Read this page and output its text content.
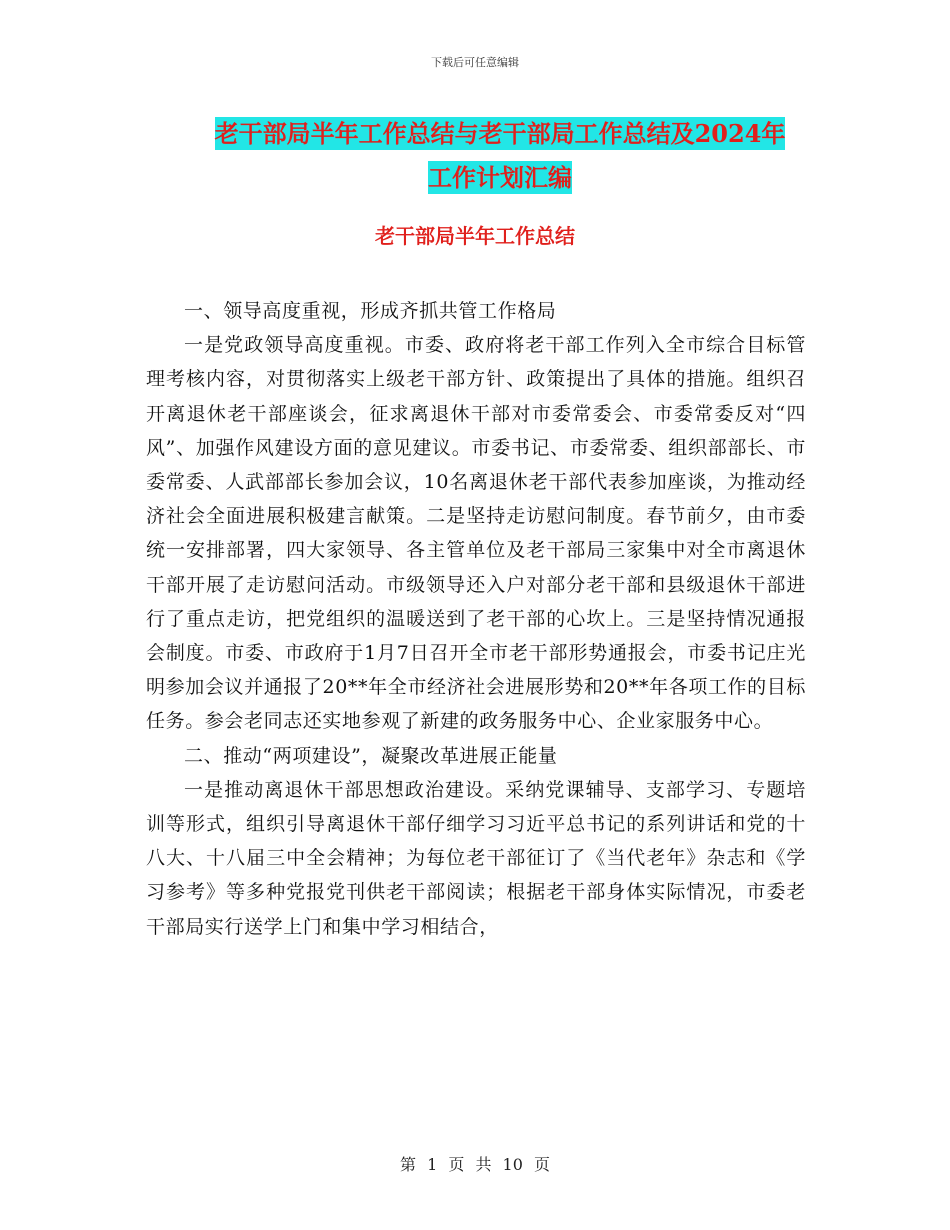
下载后可任意编辑
老干部局半年工作总结与老干部局工作总结及2024年
工作计划汇编
老干部局半年工作总结

一、领导高度重视，形成齐抓共管工作格局

一是党政领导高度重视。市委、政府将老干部工作列入全市综合目标管理考核内容，对贯彻落实上级老干部方针、政策提出了具体的措施。组织召开离退休老干部座谈会，征求离退休干部对市委常委会、市委常委反对“四风”、加强作风建设方面的意见建议。市委书记、市委常委、组织部部长、市委常委、人武部部长参加会议，10名离退休老干部代表参加座谈，为推动经济社会全面进展积极建言献策。二是坚持走访慰问制度。春节前夕，由市委统一安排部署，四大家领导、各主管单位及老干部局三家集中对全市离退休干部开展了走访慰问活动。市级领导还入户对部分老干部和县级退休干部进行了重点走访，把党组织的温暖送到了老干部的心坎上。三是坚持情况通报会制度。市委、市政府于1月7日召开全市老干部形势通报会，市委书记庄光明参加会议并通报了20**年全市经济社会进展形势和20**年各项工作的目标任务。参会老同志还实地参观了新建的政务服务中心、企业家服务中心。

二、推动“两项建设”，凝聚改革进展正能量

一是推动离退休干部思想政治建设。采纳党课辅导、支部学习、专题培训等形式，组织引导离退休干部仔细学习习近平总书记的系列讲话和党的十八大、十八届三中全会精神；为每位老干部征订了《当代老年》杂志和《学习参考》等多种党报党刊供老干部阅读；根据老干部身体实际情况，市委老干部局实行送学上门和集中学习相结合，

第 1 页 共 10 页
